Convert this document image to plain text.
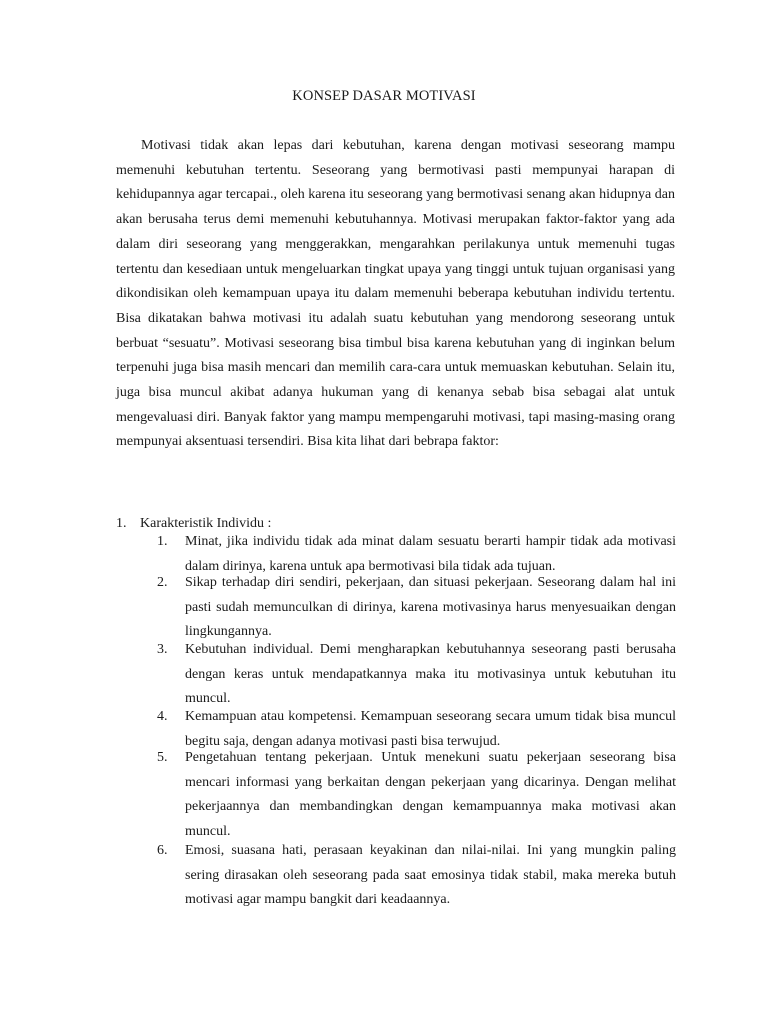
KONSEP DASAR MOTIVASI

Motivasi tidak akan lepas dari kebutuhan, karena dengan motivasi seseorang mampu memenuhi kebutuhan tertentu. Seseorang yang bermotivasi pasti mempunyai harapan di kehidupannya agar tercapai., oleh karena itu seseorang yang bermotivasi senang akan hidupnya dan akan berusaha terus demi memenuhi kebutuhannya. Motivasi merupakan faktor-faktor yang ada dalam diri seseorang yang menggerakkan, mengarahkan perilakunya untuk memenuhi tugas tertentu dan kesediaan untuk mengeluarkan tingkat upaya yang tinggi untuk tujuan organisasi yang dikondisikan oleh kemampuan upaya itu dalam memenuhi beberapa kebutuhan individu tertentu. Bisa dikatakan bahwa motivasi itu adalah suatu kebutuhan yang mendorong seseorang untuk berbuat “sesuatu”. Motivasi seseorang bisa timbul bisa karena kebutuhan yang di inginkan belum terpenuhi juga bisa masih mencari dan memilih cara-cara untuk memuaskan kebutuhan. Selain itu, juga bisa muncul akibat adanya hukuman yang di kenanya sebab bisa sebagai alat untuk mengevaluasi diri. Banyak faktor yang mampu mempengaruhi motivasi, tapi masing-masing orang mempunyai aksentuasi tersendiri. Bisa kita lihat dari bebrapa faktor:

1. Karakteristik Individu :
1.	Minat, jika individu tidak ada minat dalam sesuatu berarti hampir tidak ada motivasi dalam dirinya, karena untuk apa bermotivasi bila tidak ada tujuan.

2.	Sikap terhadap diri sendiri, pekerjaan, dan situasi pekerjaan. Seseorang dalam hal ini pasti sudah memunculkan di dirinya, karena motivasinya harus menyesuaikan dengan lingkungannya.

3.	Kebutuhan individual. Demi mengharapkan kebutuhannya seseorang pasti berusaha dengan keras untuk mendapatkannya maka itu motivasinya untuk kebutuhan itu muncul.

4.	Kemampuan atau kompetensi. Kemampuan seseorang secara umum tidak bisa muncul begitu saja, dengan adanya motivasi pasti bisa terwujud.

5.	Pengetahuan tentang pekerjaan. Untuk menekuni suatu pekerjaan seseorang bisa mencari informasi yang berkaitan dengan pekerjaan yang dicarinya. Dengan melihat pekerjaannya dan membandingkan dengan kemampuannya maka motivasi akan muncul.

6.	Emosi, suasana hati, perasaan keyakinan dan nilai-nilai. Ini yang mungkin paling sering dirasakan oleh seseorang pada saat emosinya tidak stabil, maka mereka butuh motivasi agar mampu bangkit dari keadaannya.
